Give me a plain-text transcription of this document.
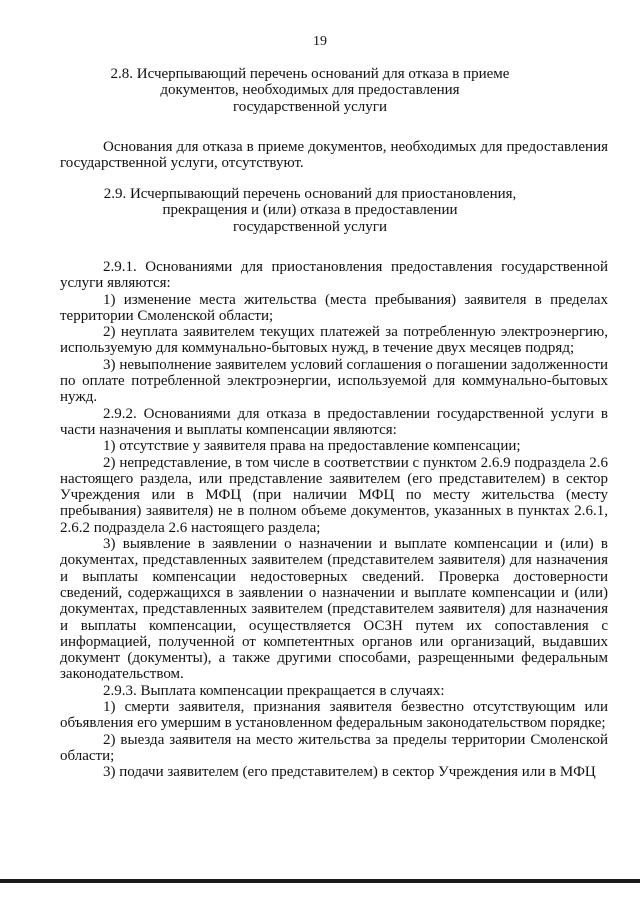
19
2.8. Исчерпывающий перечень оснований для отказа в приеме
документов, необходимых для предоставления
государственной услуги
Основания для отказа в приеме документов, необходимых для предоставления государственной услуги, отсутствуют.
2.9. Исчерпывающий перечень оснований для приостановления,
прекращения и (или) отказа в предоставлении
государственной услуги

2.9.1. Основаниями для приостановления предоставления государственной услуги являются:

1) изменение места жительства (места пребывания) заявителя в пределах территории Смоленской области;

2) неуплата заявителем текущих платежей за потребленную электроэнергию, используемую для коммунально-бытовых нужд, в течение двух месяцев подряд;

3) невыполнение заявителем условий соглашения о погашении задолженности по оплате потребленной электроэнергии, используемой для коммунально-бытовых нужд.

2.9.2. Основаниями для отказа в предоставлении государственной услуги в части назначения и выплаты компенсации являются:

1) отсутствие у заявителя права на предоставление компенсации;

2) непредставление, в том числе в соответствии с пунктом 2.6.9 подраздела 2.6 настоящего раздела, или представление заявителем (его представителем) в сектор Учреждения или в МФЦ (при наличии МФЦ по месту жительства (месту пребывания) заявителя) не в полном объеме документов, указанных в пунктах 2.6.1, 2.6.2 подраздела 2.6 настоящего раздела;

3) выявление в заявлении о назначении и выплате компенсации и (или) в документах, представленных заявителем (представителем заявителя) для назначения и выплаты компенсации недостоверных сведений. Проверка достоверности сведений, содержащихся в заявлении о назначении и выплате компенсации и (или) документах, представленных заявителем (представителем заявителя) для назначения и выплаты компенсации, осуществляется ОСЗН путем их сопоставления с информацией, полученной от компетентных органов или организаций, выдавших документ (документы), а также другими способами, разрещенными федеральным законодательством.

2.9.3. Выплата компенсации прекращается в случаях:

1) смерти заявителя, признания заявителя безвестно отсутствующим или объявления его умершим в установленном федеральным законодательством порядке;

2) выезда заявителя на место жительства за пределы территории Смоленской области;

3) подачи заявителем (его представителем) в сектор Учреждения или в МФЦ
